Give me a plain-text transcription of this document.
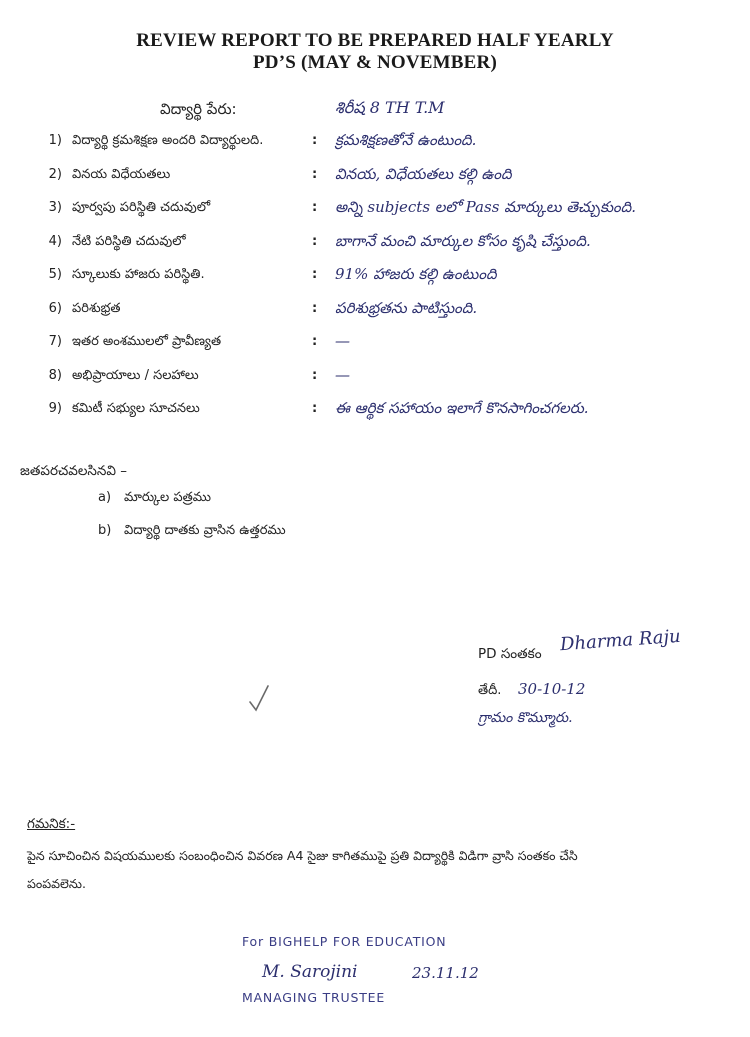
REVIEW REPORT TO BE PREPARED HALF YEARLY
PD’S (MAY & NOVEMBER)
విద్యార్థి పేరు:	శిరీష 8 TH T.M
1) విద్యార్థి క్రమశిక్షణ అందరి విద్యార్థులది.	: క్రమశిక్షణతోనే ఉంటుంది.
2) వినయ విధేయతలు	: వినయ, విధేయతలు కల్గి ఉంది
3) పూర్వపు పరిస్థితి చదువులో	: అన్ని subjects లలో Pass మార్కులు తెచ్చుకుంది.
4) నేటి పరిస్థితి చదువులో	: బాగానే మంచి మార్కుల కోసం కృషి చేస్తుంది.
5) స్కూలుకు హాజరు పరిస్థితి.	: 91% హాజరు కల్గి ఉంటుంది
6) పరిశుభ్రత	: పరిశుభ్రతను పాటిస్తుంది.
7) ఇతర అంశములలో ప్రావీణ్యత	: —
8) అభిప్రాయాలు / సలహాలు	: —
9) కమిటీ సభ్యుల సూచనలు	: ఈ ఆర్థిక సహాయం ఇలాగే కొనసాగించగలరు.
జతపరచవలసినవి –
a) మార్కుల పత్రము
b) విద్యార్థి దాతకు వ్రాసిన ఉత్తరము
PD సంతకం Dharma Raju
తేదీ. 30-10-12
గ్రామం కొమ్మూరు.
గమనిక:-
పైన సూచించిన విషయములకు సంబంధించిన వివరణ A4 సైజు కాగితముపై ప్రతి విద్యార్థికి విడిగా వ్రాసి సంతకం చేసి
పంపవలెను.
For BIGHELP FOR EDUCATION
M. Sarojini	23.11.12
MANAGING TRUSTEE
